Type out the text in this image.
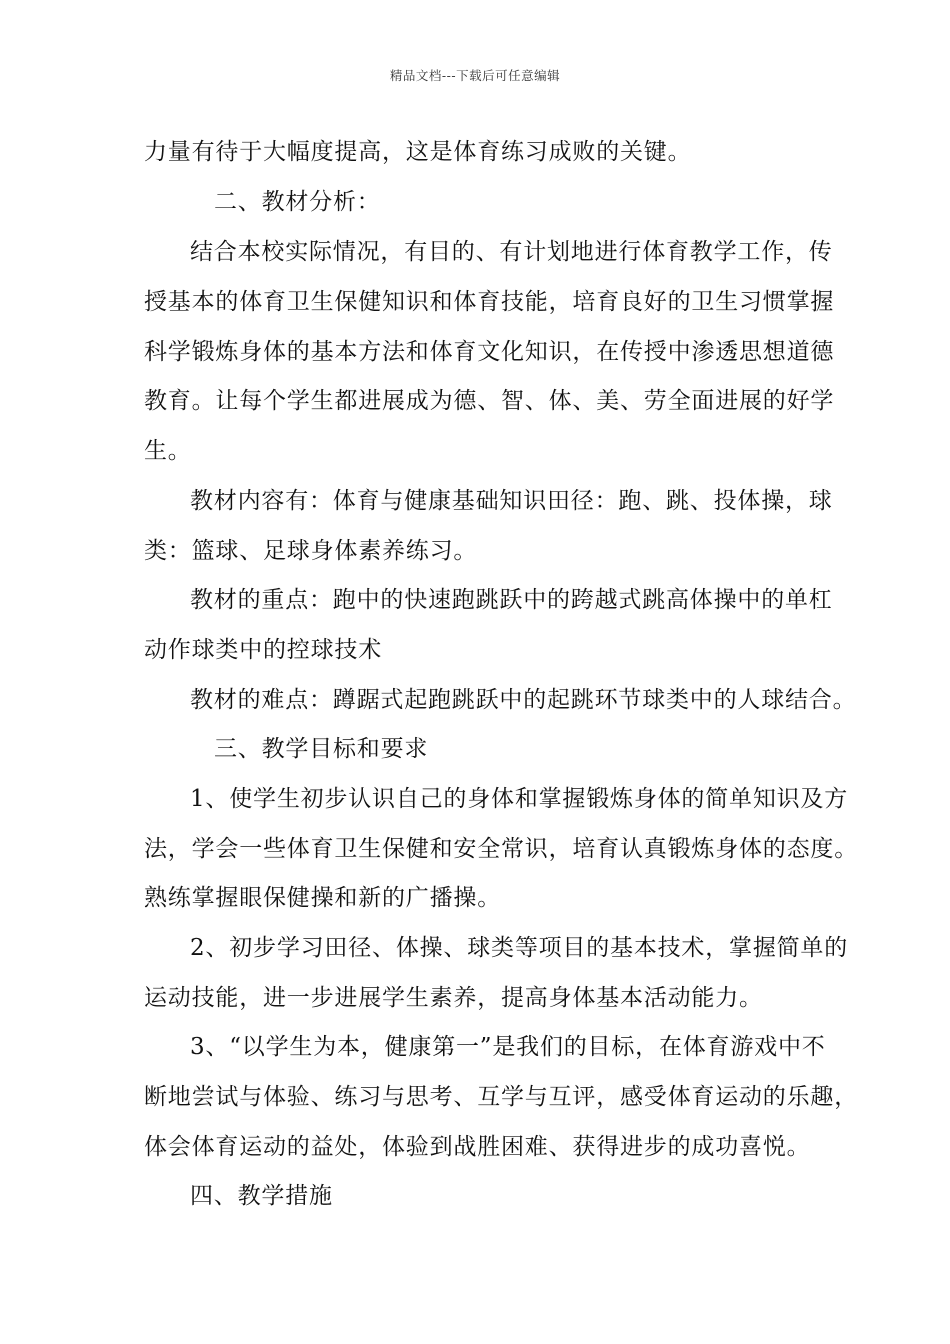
精品文档---下载后可任意编辑
力量有待于大幅度提高，这是体育练习成败的关键。
二、教材分析：
结合本校实际情况，有目的、有计划地进行体育教学工作，传
授基本的体育卫生保健知识和体育技能，培育良好的卫生习惯掌握
科学锻炼身体的基本方法和体育文化知识，在传授中渗透思想道德
教育。让每个学生都进展成为德、智、体、美、劳全面进展的好学
生。
教材内容有：体育与健康基础知识田径：跑、跳、投体操，球
类：篮球、足球身体素养练习。
教材的重点：跑中的快速跑跳跃中的跨越式跳高体操中的单杠
动作球类中的控球技术
教材的难点：蹲踞式起跑跳跃中的起跳环节球类中的人球结合。
三、教学目标和要求
1、使学生初步认识自己的身体和掌握锻炼身体的简单知识及方
法，学会一些体育卫生保健和安全常识，培育认真锻炼身体的态度。
熟练掌握眼保健操和新的广播操。
2、初步学习田径、体操、球类等项目的基本技术，掌握简单的
运动技能，进一步进展学生素养，提高身体基本活动能力。
3、“以学生为本，健康第一”是我们的目标，在体育游戏中不
断地尝试与体验、练习与思考、互学与互评，感受体育运动的乐趣，
体会体育运动的益处，体验到战胜困难、获得进步的成功喜悦。
四、教学措施
